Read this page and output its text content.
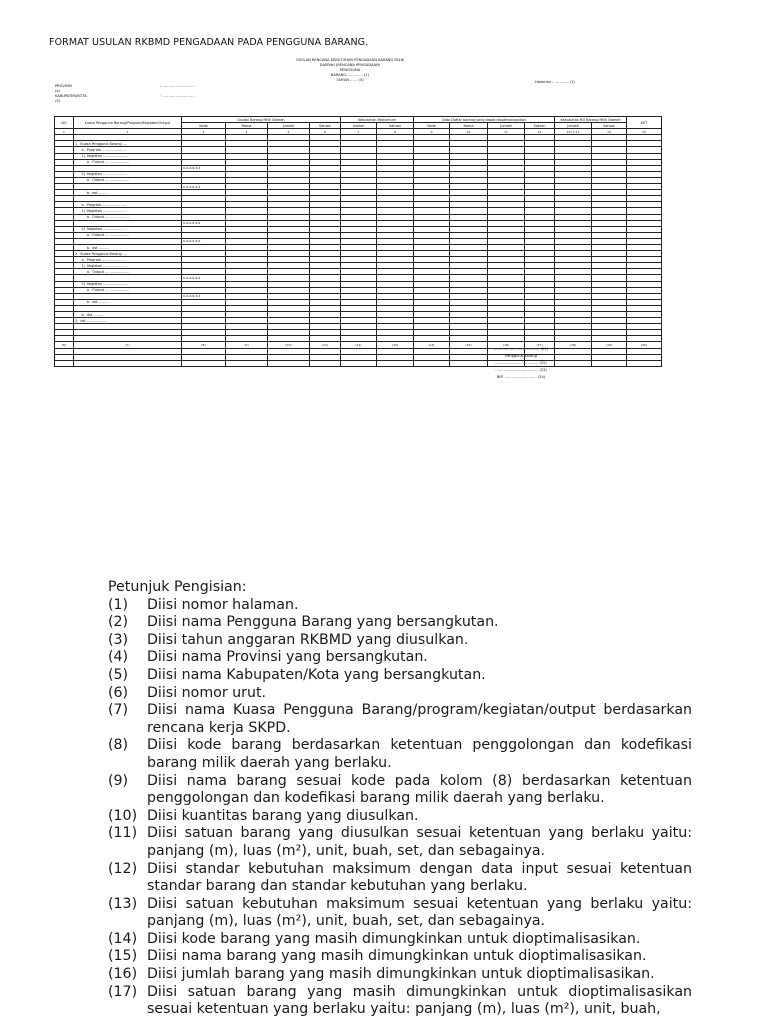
FORMAT USULAN RKBMD PENGADAAN PADA PENGGUNA BARANG.
USULAN RENCANA KEBUTUHAN PENGADAAN BARANG MILIK
DAERAH (RENCANA PENGADAAN)
PENGGUNA
BARANG……………(1)
TAHUN …… (3)	Halaman : ………… (1)
PROVINSI	: ………………………
(4)
KABUPATEN/KOTA	: ………………………
(5)
NO	Kuasa Pengguna Barang/Program/Kegiatan/Output	Usulan Barang Milik Daerah				Kebutuhan Maksimum		Data Daftar barang yang dapat dioptimalisasikan				Kebutuhan Riil Barang Milik Daerah		KET
		Kode	Nama	Jumlah	Satuan	Jumlah	Satuan	Kode	Nama	Jumlah	Satuan	Jumlah	Satuan	
1	2	3	4	5	6	7	8	9	10	11	12	13=7-11	14	15

	1.  Kuasa Pengguna Barang ….													
	a.  Program …………………													
	1)  Kegiatan …………………													
	a.  Output …………………													
		x.x.x.x.x.x												
	2)  Kegiatan …………………													
	a.  Output …………………													
		x.x.x.x.x.x												
	b.  dst ………													

	b.  Program …………………													
	1)  Kegiatan …………………													
	a.  Output …………………													
		x.x.x.x.x.x												
	2)  Kegiatan …………………													
	a.  Output …………………													
		x.x.x.x.x.x												
	b.  dst ………													
	2.  Kuasa Pengguna Barang ….													
	a.  Program …………………													
	1)  Kegiatan …………………													
	a.  Output …………………													
		x.x.x.x.x.x												
	2)  Kegiatan …………………													
	a.  Output …………………													
		x.x.x.x.x.x												
	b.  dst ………													

	b.  dst ………													
	3.  dst ………………													

(6)	(7)	(8)	(9)	(10)	(11)	(12)	(13)	(14)	(15)	(16)	(17)	(18)	(19)	(20)

………………, ……………… (21)
Pengguna Barang
……………………………… (22)
……………………………… (23)
NIP. ……………………… (24)
Petunjuk Pengisian:
(1)	Diisi nomor halaman.
(2)	Diisi nama Pengguna Barang yang bersangkutan.
(3)	Diisi tahun anggaran RKBMD yang diusulkan.
(4)	Diisi nama Provinsi yang bersangkutan.
(5)	Diisi nama Kabupaten/Kota yang bersangkutan.
(6)	Diisi nomor urut.
(7)	Diisi nama Kuasa Pengguna Barang/program/kegiatan/output berdasarkan rencana kerja SKPD.
(8)	Diisi kode barang berdasarkan ketentuan penggolongan dan kodefikasi barang milik daerah yang berlaku.
(9)	Diisi nama barang sesuai kode pada kolom (8) berdasarkan ketentuan penggolongan dan kodefikasi barang milik daerah yang berlaku.
(10) Diisi kuantitas barang yang diusulkan.
(11) Diisi satuan barang yang diusulkan sesuai ketentuan yang berlaku yaitu: panjang (m), luas (m²), unit, buah, set, dan sebagainya.
(12) Diisi standar kebutuhan maksimum dengan data input sesuai ketentuan standar barang dan standar kebutuhan yang berlaku.
(13) Diisi satuan kebutuhan maksimum sesuai ketentuan yang berlaku yaitu: panjang (m), luas (m²), unit, buah, set, dan sebagainya.
(14) Diisi kode barang yang masih dimungkinkan untuk dioptimalisasikan.
(15) Diisi nama barang yang masih dimungkinkan untuk dioptimalisasikan.
(16) Diisi jumlah barang yang masih dimungkinkan untuk dioptimalisasikan.
(17) Diisi satuan barang yang masih dimungkinkan untuk dioptimalisasikan sesuai ketentuan yang berlaku yaitu: panjang (m), luas (m²), unit, buah,
